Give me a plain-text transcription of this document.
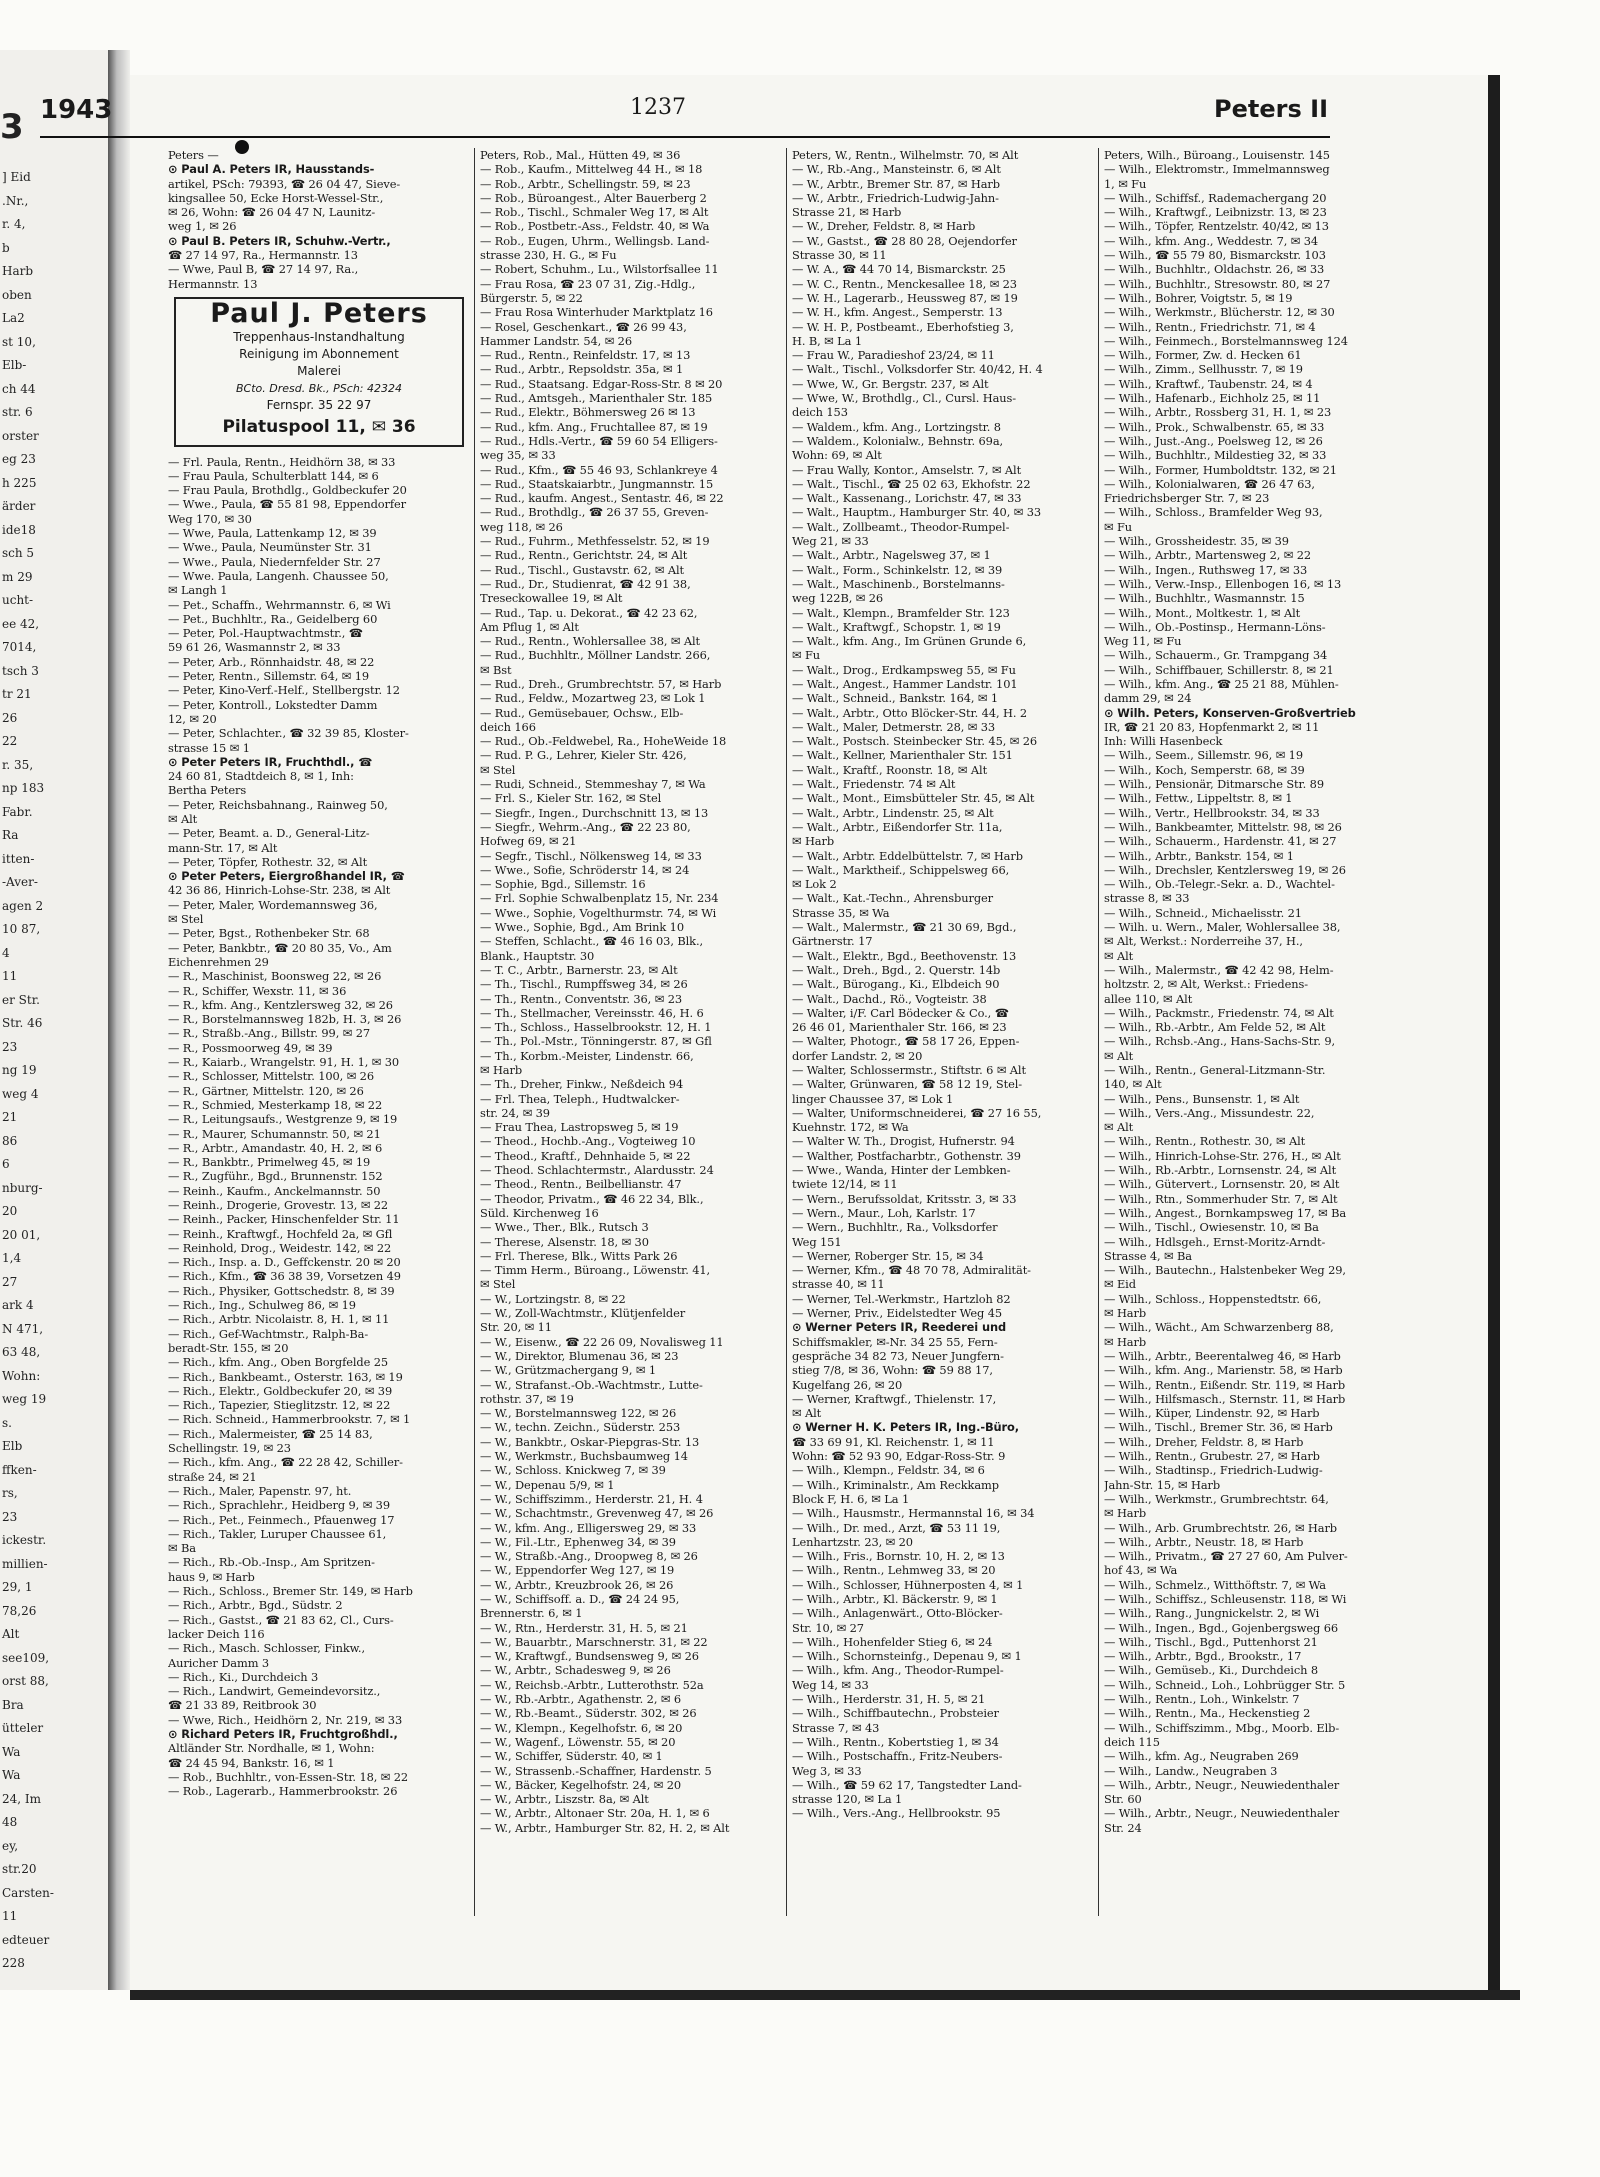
3
] Eid
.Nr.,
r. 4,
b
Harb
oben
La2
st 10,
Elb-
ch 44
str. 6
orster
eg 23
h 225
ärder
ide18
sch 5
m 29
ucht-
ee 42,
7014,
tsch 3
tr 21
26
22
r. 35,
np 183
Fabr.
Ra
itten-
-Aver-
agen 2
10 87,
4
11
er Str.
Str. 46
23
ng 19
weg 4
21
86
6
nburg-
20
20 01,
1,4
27
ark 4
N 471,
63 48,
Wohn:
weg 19
s.
Elb
ffken-
rs,
23
ickestr.
millien-
29, 1
78,26
Alt
see109,
orst 88,
Bra
ütteler
Wa
Wa
24, Im
48
ey,
str.20
Carsten-
11
edteuer
228
1943	1237	Peters II
Peters —
⊙ Paul A. Peters IR, Hausstands-
artikel, PSch: 79393, ☎ 26 04 47, Sieve-
kingsallee 50, Ecke Horst-Wessel-Str.,
✉ 26, Wohn: ☎ 26 04 47 N, Launitz-
weg 1, ✉ 26
⊙ Paul B. Peters IR, Schuhw.-Vertr.,
☎ 27 14 97, Ra., Hermannstr. 13
— Wwe, Paul B, ☎ 27 14 97, Ra.,
Hermannstr. 13
Paul J. Peters
Treppenhaus-Instandhaltung
Reinigung im Abonnement
Malerei
BCto. Dresd. Bk., PSch: 42324
Fernspr. 35 22 97
Pilatuspool 11, ✉ 36
— Frl. Paula, Rentn., Heidhörn 38, ✉ 33
— Frau Paula, Schulterblatt 144, ✉ 6
— Frau Paula, Brothdlg., Goldbeckufer 20
— Wwe., Paula, ☎ 55 81 98, Eppendorfer
Weg 170, ✉ 30
— Wwe, Paula, Lattenkamp 12, ✉ 39
— Wwe., Paula, Neumünster Str. 31
— Wwe., Paula, Niedernfelder Str. 27
— Wwe. Paula, Langenh. Chaussee 50,
✉ Langh 1
— Pet., Schaffn., Wehrmannstr. 6, ✉ Wi
— Pet., Buchhltr., Ra., Geidelberg 60
— Peter, Pol.-Hauptwachtmstr., ☎
59 61 26, Wasmannstr 2, ✉ 33
— Peter, Arb., Rönnhaidstr. 48, ✉ 22
— Peter, Rentn., Sillemstr. 64, ✉ 19
— Peter, Kino-Verf.-Helf., Stellbergstr. 12
— Peter, Kontroll., Lokstedter Damm
12, ✉ 20
— Peter, Schlachter., ☎ 32 39 85, Kloster-
strasse 15 ✉ 1
⊙ Peter Peters IR, Fruchthdl., ☎
24 60 81, Stadtdeich 8, ✉ 1, Inh:
Bertha Peters
— Peter, Reichsbahnang., Rainweg 50,
✉ Alt
— Peter, Beamt. a. D., General-Litz-
mann-Str. 17, ✉ Alt
— Peter, Töpfer, Rothestr. 32, ✉ Alt
⊙ Peter Peters, Eiergroßhandel IR, ☎
42 36 86, Hinrich-Lohse-Str. 238, ✉ Alt
— Peter, Maler, Wordemannsweg 36,
✉ Stel
— Peter, Bgst., Rothenbeker Str. 68
— Peter, Bankbtr., ☎ 20 80 35, Vo., Am
Eichenrehmen 29
— R., Maschinist, Boonsweg 22, ✉ 26
— R., Schiffer, Wexstr. 11, ✉ 36
— R., kfm. Ang., Kentzlersweg 32, ✉ 26
— R., Borstelmannsweg 182b, H. 3, ✉ 26
— R., Straßb.-Ang., Billstr. 99, ✉ 27
— R., Possmoorweg 49, ✉ 39
— R., Kaiarb., Wrangelstr. 91, H. 1, ✉ 30
— R., Schlosser, Mittelstr. 100, ✉ 26
— R., Gärtner, Mittelstr. 120, ✉ 26
— R., Schmied, Mesterkamp 18, ✉ 22
— R., Leitungsaufs., Westgrenze 9, ✉ 19
— R., Maurer, Schumannstr. 50, ✉ 21
— R., Arbtr., Amandastr. 40, H. 2, ✉ 6
— R., Bankbtr., Primelweg 45, ✉ 19
— R., Zugführ., Bgd., Brunnenstr. 152
— Reinh., Kaufm., Anckelmannstr. 50
— Reinh., Drogerie, Grovestr. 13, ✉ 22
— Reinh., Packer, Hinschenfelder Str. 11
— Reinh., Kraftwgf., Hochfeld 2a, ✉ Gfl
— Reinhold, Drog., Weidestr. 142, ✉ 22
— Rich., Insp. a. D., Geffckenstr. 20 ✉ 20
— Rich., Kfm., ☎ 36 38 39, Vorsetzen 49
— Rich., Physiker, Gottschedstr. 8, ✉ 39
— Rich., Ing., Schulweg 86, ✉ 19
— Rich., Arbtr. Nicolaistr. 8, H. 1, ✉ 11
— Rich., Gef-Wachtmstr., Ralph-Ba-
beradt-Str. 155, ✉ 20
— Rich., kfm. Ang., Oben Borgfelde 25
— Rich., Bankbeamt., Osterstr. 163, ✉ 19
— Rich., Elektr., Goldbeckufer 20, ✉ 39
— Rich., Tapezier, Stieglitzstr. 12, ✉ 22
— Rich. Schneid., Hammerbrookstr. 7, ✉ 1
— Rich., Malermeister, ☎ 25 14 83,
Schellingstr. 19, ✉ 23
— Rich., kfm. Ang., ☎ 22 28 42, Schiller-
straße 24, ✉ 21
— Rich., Maler, Papenstr. 97, ht.
— Rich., Sprachlehr., Heidberg 9, ✉ 39
— Rich., Pet., Feinmech., Pfauenweg 17
— Rich., Takler, Luruper Chaussee 61,
✉ Ba
— Rich., Rb.-Ob.-Insp., Am Spritzen-
haus 9, ✉ Harb
— Rich., Schloss., Bremer Str. 149, ✉ Harb
— Rich., Arbtr., Bgd., Südstr. 2
— Rich., Gastst., ☎ 21 83 62, Cl., Curs-
lacker Deich 116
— Rich., Masch. Schlosser, Finkw.,
Auricher Damm 3
— Rich., Ki., Durchdeich 3
— Rich., Landwirt, Gemeindevorsitz.,
☎ 21 33 89, Reitbrook 30
— Wwe, Rich., Heidhörn 2, Nr. 219, ✉ 33
⊙ Richard Peters IR, Fruchtgroßhdl.,
Altländer Str. Nordhalle, ✉ 1, Wohn:
☎ 24 45 94, Bankstr. 16, ✉ 1
— Rob., Buchhltr., von-Essen-Str. 18, ✉ 22
— Rob., Lagerarb., Hammerbrookstr. 26
Peters, Rob., Mal., Hütten 49, ✉ 36
— Rob., Kaufm., Mittelweg 44 H., ✉ 18
— Rob., Arbtr., Schellingstr. 59, ✉ 23
— Rob., Büroangest., Alter Bauerberg 2
— Rob., Tischl., Schmaler Weg 17, ✉ Alt
— Rob., Postbetr.-Ass., Feldstr. 40, ✉ Wa
— Rob., Eugen, Uhrm., Wellingsb. Land-
strasse 230, H. G., ✉ Fu
— Robert, Schuhm., Lu., Wilstorfsallee 11
— Frau Rosa, ☎ 23 07 31, Zig.-Hdlg.,
Bürgerstr. 5, ✉ 22
— Frau Rosa Winterhuder Marktplatz 16
— Rosel, Geschenkart., ☎ 26 99 43,
Hammer Landstr. 54, ✉ 26
— Rud., Rentn., Reinfeldstr. 17, ✉ 13
— Rud., Arbtr., Repsoldstr. 35a, ✉ 1
— Rud., Staatsang. Edgar-Ross-Str. 8 ✉ 20
— Rud., Amtsgeh., Marienthaler Str. 185
— Rud., Elektr., Böhmersweg 26 ✉ 13
— Rud., kfm. Ang., Fruchtallee 87, ✉ 19
— Rud., Hdls.-Vertr., ☎ 59 60 54 Elligers-
weg 35, ✉ 33
— Rud., Kfm., ☎ 55 46 93, Schlankreye 4
— Rud., Staatskaiarbtr., Jungmannstr. 15
— Rud., kaufm. Angest., Sentastr. 46, ✉ 22
— Rud., Brothdlg., ☎ 26 37 55, Greven-
weg 118, ✉ 26
— Rud., Fuhrm., Methfesselstr. 52, ✉ 19
— Rud., Rentn., Gerichtstr. 24, ✉ Alt
— Rud., Tischl., Gustavstr. 62, ✉ Alt
— Rud., Dr., Studienrat, ☎ 42 91 38,
Treseckowallee 19, ✉ Alt
— Rud., Tap. u. Dekorat., ☎ 42 23 62,
Am Pflug 1, ✉ Alt
— Rud., Rentn., Wohlersallee 38, ✉ Alt
— Rud., Buchhltr., Möllner Landstr. 266,
✉ Bst
— Rud., Dreh., Grumbrechtstr. 57, ✉ Harb
— Rud., Feldw., Mozartweg 23, ✉ Lok 1
— Rud., Gemüsebauer, Ochsw., Elb-
deich 166
— Rud., Ob.-Feldwebel, Ra., HoheWeide 18
— Rud. P. G., Lehrer, Kieler Str. 426,
✉ Stel
— Rudi, Schneid., Stemmeshay 7, ✉ Wa
— Frl. S., Kieler Str. 162, ✉ Stel
— Siegfr., Ingen., Durchschnitt 13, ✉ 13
— Siegfr., Wehrm.-Ang., ☎ 22 23 80,
Hofweg 69, ✉ 21
— Segfr., Tischl., Nölkensweg 14, ✉ 33
— Wwe., Sofie, Schröderstr 14, ✉ 24
— Sophie, Bgd., Sillemstr. 16
— Frl. Sophie Schwalbenplatz 15, Nr. 234
— Wwe., Sophie, Vogelthurmstr. 74, ✉ Wi
— Wwe., Sophie, Bgd., Am Brink 10
— Steffen, Schlacht., ☎ 46 16 03, Blk.,
Blank., Hauptstr. 30
— T. C., Arbtr., Barnerstr. 23, ✉ Alt
— Th., Tischl., Rumpffsweg 34, ✉ 26
— Th., Rentn., Conventstr. 36, ✉ 23
— Th., Stellmacher, Vereinsstr. 46, H. 6
— Th., Schloss., Hasselbrookstr. 12, H. 1
— Th., Pol.-Mstr., Tönningerstr. 87, ✉ Gfl
— Th., Korbm.-Meister, Lindenstr. 66,
✉ Harb
— Th., Dreher, Finkw., Neßdeich 94
— Frl. Thea, Teleph., Hudtwalcker-
str. 24, ✉ 39
— Frau Thea, Lastropsweg 5, ✉ 19
— Theod., Hochb.-Ang., Vogteiweg 10
— Theod., Kraftf., Dehnhaide 5, ✉ 22
— Theod. Schlachtermstr., Alardusstr. 24
— Theod., Rentn., Beilbellianstr. 47
— Theodor, Privatm., ☎ 46 22 34, Blk.,
Süld. Kirchenweg 16
— Wwe., Ther., Blk., Rutsch 3
— Therese, Alsenstr. 18, ✉ 30
— Frl. Therese, Blk., Witts Park 26
— Timm Herm., Büroang., Löwenstr. 41,
✉ Stel
— W., Lortzingstr. 8, ✉ 22
— W., Zoll-Wachtmstr., Klütjenfelder
Str. 20, ✉ 11
— W., Eisenw., ☎ 22 26 09, Novalisweg 11
— W., Direktor, Blumenau 36, ✉ 23
— W., Grützmachergang 9, ✉ 1
— W., Strafanst.-Ob.-Wachtmstr., Lutte-
rothstr. 37, ✉ 19
— W., Borstelmannsweg 122, ✉ 26
— W., techn. Zeichn., Süderstr. 253
— W., Bankbtr., Oskar-Piepgras-Str. 13
— W., Werkmstr., Buchsbaumweg 14
— W., Schloss. Knickweg 7, ✉ 39
— W., Depenau 5/9, ✉ 1
— W., Schiffszimm., Herderstr. 21, H. 4
— W., Schachtmstr., Grevenweg 47, ✉ 26
— W., kfm. Ang., Elligersweg 29, ✉ 33
— W., Fil.-Ltr., Ephenweg 34, ✉ 39
— W., Straßb.-Ang., Droopweg 8, ✉ 26
— W., Eppendorfer Weg 127, ✉ 19
— W., Arbtr., Kreuzbrook 26, ✉ 26
— W., Schiffsoff. a. D., ☎ 24 24 95,
Brennerstr. 6, ✉ 1
— W., Rtn., Herderstr. 31, H. 5, ✉ 21
— W., Bauarbtr., Marschnerstr. 31, ✉ 22
— W., Kraftwgf., Bundsensweg 9, ✉ 26
— W., Arbtr., Schadesweg 9, ✉ 26
— W., Reichsb.-Arbtr., Lutterothstr. 52a
— W., Rb.-Arbtr., Agathenstr. 2, ✉ 6
— W., Rb.-Beamt., Süderstr. 302, ✉ 26
— W., Klempn., Kegelhofstr. 6, ✉ 20
— W., Wagenf., Löwenstr. 55, ✉ 20
— W., Schiffer, Süderstr. 40, ✉ 1
— W., Strassenb.-Schaffner, Hardenstr. 5
— W., Bäcker, Kegelhofstr. 24, ✉ 20
— W., Arbtr., Liszstr. 8a, ✉ Alt
— W., Arbtr., Altonaer Str. 20a, H. 1, ✉ 6
— W., Arbtr., Hamburger Str. 82, H. 2, ✉ Alt
Peters, W., Rentn., Wilhelmstr. 70, ✉ Alt
— W., Rb.-Ang., Mansteinstr. 6, ✉ Alt
— W., Arbtr., Bremer Str. 87, ✉ Harb
— W., Arbtr., Friedrich-Ludwig-Jahn-
Strasse 21, ✉ Harb
— W., Dreher, Feldstr. 8, ✉ Harb
— W., Gastst., ☎ 28 80 28, Oejendorfer
Strasse 30, ✉ 11
— W. A., ☎ 44 70 14, Bismarckstr. 25
— W. C., Rentn., Menckesallee 18, ✉ 23
— W. H., Lagerarb., Heussweg 87, ✉ 19
— W. H., kfm. Angest., Semperstr. 13
— W. H. P., Postbeamt., Eberhofstieg 3,
H. B, ✉ La 1
— Frau W., Paradieshof 23/24, ✉ 11
— Walt., Tischl., Volksdorfer Str. 40/42, H. 4
— Wwe, W., Gr. Bergstr. 237, ✉ Alt
— Wwe, W., Brothdlg., Cl., Cursl. Haus-
deich 153
— Waldem., kfm. Ang., Lortzingstr. 8
— Waldem., Kolonialw., Behnstr. 69a,
Wohn: 69, ✉ Alt
— Frau Wally, Kontor., Amselstr. 7, ✉ Alt
— Walt., Tischl., ☎ 25 02 63, Ekhofstr. 22
— Walt., Kassenang., Lorichstr. 47, ✉ 33
— Walt., Hauptm., Hamburger Str. 40, ✉ 33
— Walt., Zollbeamt., Theodor-Rumpel-
Weg 21, ✉ 33
— Walt., Arbtr., Nagelsweg 37, ✉ 1
— Walt., Form., Schinkelstr. 12, ✉ 39
— Walt., Maschinenb., Borstelmanns-
weg 122B, ✉ 26
— Walt., Klempn., Bramfelder Str. 123
— Walt., Kraftwgf., Schopstr. 1, ✉ 19
— Walt., kfm. Ang., Im Grünen Grunde 6,
✉ Fu
— Walt., Drog., Erdkampsweg 55, ✉ Fu
— Walt., Angest., Hammer Landstr. 101
— Walt., Schneid., Bankstr. 164, ✉ 1
— Walt., Arbtr., Otto Blöcker-Str. 44, H. 2
— Walt., Maler, Detmerstr. 28, ✉ 33
— Walt., Postsch. Steinbecker Str. 45, ✉ 26
— Walt., Kellner, Marienthaler Str. 151
— Walt., Kraftf., Roonstr. 18, ✉ Alt
— Walt., Friedenstr. 74 ✉ Alt
— Walt., Mont., Eimsbütteler Str. 45, ✉ Alt
— Walt., Arbtr., Lindenstr. 25, ✉ Alt
— Walt., Arbtr., Eißendorfer Str. 11a,
✉ Harb
— Walt., Arbtr. Eddelbüttelstr. 7, ✉ Harb
— Walt., Marktheif., Schippelsweg 66,
✉ Lok 2
— Walt., Kat.-Techn., Ahrensburger
Strasse 35, ✉ Wa
— Walt., Malermstr., ☎ 21 30 69, Bgd.,
Gärtnerstr. 17
— Walt., Elektr., Bgd., Beethovenstr. 13
— Walt., Dreh., Bgd., 2. Querstr. 14b
— Walt., Bürogang., Ki., Elbdeich 90
— Walt., Dachd., Rö., Vogteistr. 38
— Walter, i/F. Carl Bödecker & Co., ☎
26 46 01, Marienthaler Str. 166, ✉ 23
— Walter, Photogr., ☎ 58 17 26, Eppen-
dorfer Landstr. 2, ✉ 20
— Walter, Schlossermstr., Stiftstr. 6 ✉ Alt
— Walter, Grünwaren, ☎ 58 12 19, Stel-
linger Chaussee 37, ✉ Lok 1
— Walter, Uniformschneiderei, ☎ 27 16 55,
Kuehnstr. 172, ✉ Wa
— Walter W. Th., Drogist, Hufnerstr. 94
— Walther, Postfacharbtr., Gothenstr. 39
— Wwe., Wanda, Hinter der Lembken-
twiete 12/14, ✉ 11
— Wern., Berufssoldat, Kritsstr. 3, ✉ 33
— Wern., Maur., Loh, Karlstr. 17
— Wern., Buchhltr., Ra., Volksdorfer
Weg 151
— Werner, Roberger Str. 15, ✉ 34
— Werner, Kfm., ☎ 48 70 78, Admiralität-
strasse 40, ✉ 11
— Werner, Tel.-Werkmstr., Hartzloh 82
— Werner, Priv., Eidelstedter Weg 45
⊙ Werner Peters IR, Reederei und
Schiffsmakler, ✉-Nr. 34 25 55, Fern-
gespräche 34 82 73, Neuer Jungfern-
stieg 7/8, ✉ 36, Wohn: ☎ 59 88 17,
Kugelfang 26, ✉ 20
— Werner, Kraftwgf., Thielenstr. 17,
✉ Alt
⊙ Werner H. K. Peters IR, Ing.-Büro,
☎ 33 69 91, Kl. Reichenstr. 1, ✉ 11
Wohn: ☎ 52 93 90, Edgar-Ross-Str. 9
— Wilh., Klempn., Feldstr. 34, ✉ 6
— Wilh., Kriminalstr., Am Reckkamp
Block F, H. 6, ✉ La 1
— Wilh., Hausmstr., Hermannstal 16, ✉ 34
— Wilh., Dr. med., Arzt, ☎ 53 11 19,
Lenhartzstr. 23, ✉ 20
— Wilh., Fris., Bornstr. 10, H. 2, ✉ 13
— Wilh., Rentn., Lehmweg 33, ✉ 20
— Wilh., Schlosser, Hühnerposten 4, ✉ 1
— Wilh., Arbtr., Kl. Bäckerstr. 9, ✉ 1
— Wilh., Anlagenwärt., Otto-Blöcker-
Str. 10, ✉ 27
— Wilh., Hohenfelder Stieg 6, ✉ 24
— Wilh., Schornsteinfg., Depenau 9, ✉ 1
— Wilh., kfm. Ang., Theodor-Rumpel-
Weg 14, ✉ 33
— Wilh., Herderstr. 31, H. 5, ✉ 21
— Wilh., Schiffbautechn., Probsteier
Strasse 7, ✉ 43
— Wilh., Rentn., Kobertstieg 1, ✉ 34
— Wilh., Postschaffn., Fritz-Neubers-
Weg 3, ✉ 33
— Wilh., ☎ 59 62 17, Tangstedter Land-
strasse 120, ✉ La 1
— Wilh., Vers.-Ang., Hellbrookstr. 95
Peters, Wilh., Büroang., Louisenstr. 145
— Wilh., Elektromstr., Immelmannsweg
1, ✉ Fu
— Wilh., Schiffsf., Rademachergang 20
— Wilh., Kraftwgf., Leibnizstr. 13, ✉ 23
— Wilh., Töpfer, Rentzelstr. 40/42, ✉ 13
— Wilh., kfm. Ang., Weddestr. 7, ✉ 34
— Wilh., ☎ 55 79 80, Bismarckstr. 103
— Wilh., Buchhltr., Oldachstr. 26, ✉ 33
— Wilh., Buchhltr., Stresowstr. 80, ✉ 27
— Wilh., Bohrer, Voigtstr. 5, ✉ 19
— Wilh., Werkmstr., Blücherstr. 12, ✉ 30
— Wilh., Rentn., Friedrichstr. 71, ✉ 4
— Wilh., Feinmech., Borstelmannsweg 124
— Wilh., Former, Zw. d. Hecken 61
— Wilh., Zimm., Sellhusstr. 7, ✉ 19
— Wilh., Kraftwf., Taubenstr. 24, ✉ 4
— Wilh., Hafenarb., Eichholz 25, ✉ 11
— Wilh., Arbtr., Rossberg 31, H. 1, ✉ 23
— Wilh., Prok., Schwalbenstr. 65, ✉ 33
— Wilh., Just.-Ang., Poelsweg 12, ✉ 26
— Wilh., Buchhltr., Mildestieg 32, ✉ 33
— Wilh., Former, Humboldtstr. 132, ✉ 21
— Wilh., Kolonialwaren, ☎ 26 47 63,
Friedrichsberger Str. 7, ✉ 23
— Wilh., Schloss., Bramfelder Weg 93,
✉ Fu
— Wilh., Grossheidestr. 35, ✉ 39
— Wilh., Arbtr., Martensweg 2, ✉ 22
— Wilh., Ingen., Ruthsweg 17, ✉ 33
— Wilh., Verw.-Insp., Ellenbogen 16, ✉ 13
— Wilh., Buchhltr., Wasmannstr. 15
— Wilh., Mont., Moltkestr. 1, ✉ Alt
— Wilh., Ob.-Postinsp., Hermann-Löns-
Weg 11, ✉ Fu
— Wilh., Schauerm., Gr. Trampgang 34
— Wilh., Schiffbauer, Schillerstr. 8, ✉ 21
— Wilh., kfm. Ang., ☎ 25 21 88, Mühlen-
damm 29, ✉ 24
⊙ Wilh. Peters, Konserven-Großvertrieb
IR, ☎ 21 20 83, Hopfenmarkt 2, ✉ 11
Inh: Willi Hasenbeck
— Wilh., Seem., Sillemstr. 96, ✉ 19
— Wilh., Koch, Semperstr. 68, ✉ 39
— Wilh., Pensionär, Ditmarsche Str. 89
— Wilh., Fettw., Lippeltstr. 8, ✉ 1
— Wilh., Vertr., Hellbrookstr. 34, ✉ 33
— Wilh., Bankbeamter, Mittelstr. 98, ✉ 26
— Wilh., Schauerm., Hardenstr. 41, ✉ 27
— Wilh., Arbtr., Bankstr. 154, ✉ 1
— Wilh., Drechsler, Kentzlersweg 19, ✉ 26
— Wilh., Ob.-Telegr.-Sekr. a. D., Wachtel-
strasse 8, ✉ 33
— Wilh., Schneid., Michaelisstr. 21
— Wilh. u. Wern., Maler, Wohlersallee 38,
✉ Alt, Werkst.: Norderreihe 37, H.,
✉ Alt
— Wilh., Malermstr., ☎ 42 42 98, Helm-
holtzstr. 2, ✉ Alt, Werkst.: Friedens-
allee 110, ✉ Alt
— Wilh., Packmstr., Friedenstr. 74, ✉ Alt
— Wilh., Rb.-Arbtr., Am Felde 52, ✉ Alt
— Wilh., Rchsb.-Ang., Hans-Sachs-Str. 9,
✉ Alt
— Wilh., Rentn., General-Litzmann-Str.
140, ✉ Alt
— Wilh., Pens., Bunsenstr. 1, ✉ Alt
— Wilh., Vers.-Ang., Missundestr. 22,
✉ Alt
— Wilh., Rentn., Rothestr. 30, ✉ Alt
— Wilh., Hinrich-Lohse-Str. 276, H., ✉ Alt
— Wilh., Rb.-Arbtr., Lornsenstr. 24, ✉ Alt
— Wilh., Gütervert., Lornsenstr. 20, ✉ Alt
— Wilh., Rtn., Sommerhuder Str. 7, ✉ Alt
— Wilh., Angest., Bornkampsweg 17, ✉ Ba
— Wilh., Tischl., Owiesenstr. 10, ✉ Ba
— Wilh., Hdlsgeh., Ernst-Moritz-Arndt-
Strasse 4, ✉ Ba
— Wilh., Bautechn., Halstenbeker Weg 29,
✉ Eid
— Wilh., Schloss., Hoppenstedtstr. 66,
✉ Harb
— Wilh., Wächt., Am Schwarzenberg 88,
✉ Harb
— Wilh., Arbtr., Beerentalweg 46, ✉ Harb
— Wilh., kfm. Ang., Marienstr. 58, ✉ Harb
— Wilh., Rentn., Eißendr. Str. 119, ✉ Harb
— Wilh., Hilfsmasch., Sternstr. 11, ✉ Harb
— Wilh., Küper, Lindenstr. 92, ✉ Harb
— Wilh., Tischl., Bremer Str. 36, ✉ Harb
— Wilh., Dreher, Feldstr. 8, ✉ Harb
— Wilh., Rentn., Grubestr. 27, ✉ Harb
— Wilh., Stadtinsp., Friedrich-Ludwig-
Jahn-Str. 15, ✉ Harb
— Wilh., Werkmstr., Grumbrechtstr. 64,
✉ Harb
— Wilh., Arb. Grumbrechtstr. 26, ✉ Harb
— Wilh., Arbtr., Neustr. 18, ✉ Harb
— Wilh., Privatm., ☎ 27 27 60, Am Pulver-
hof 43, ✉ Wa
— Wilh., Schmelz., Witthöftstr. 7, ✉ Wa
— Wilh., Schiffsz., Schleusenstr. 118, ✉ Wi
— Wilh., Rang., Jungnickelstr. 2, ✉ Wi
— Wilh., Ingen., Bgd., Gojenbergsweg 66
— Wilh., Tischl., Bgd., Puttenhorst 21
— Wilh., Arbtr., Bgd., Brookstr., 17
— Wilh., Gemüseb., Ki., Durchdeich 8
— Wilh., Schneid., Loh., Lohbrügger Str. 5
— Wilh., Rentn., Loh., Winkelstr. 7
— Wilh., Rentn., Ma., Heckenstieg 2
— Wilh., Schiffszimm., Mbg., Moorb. Elb-
deich 115
— Wilh., kfm. Ag., Neugraben 269
— Wilh., Landw., Neugraben 3
— Wilh., Arbtr., Neugr., Neuwiedenthaler
Str. 60
— Wilh., Arbtr., Neugr., Neuwiedenthaler
Str. 24
